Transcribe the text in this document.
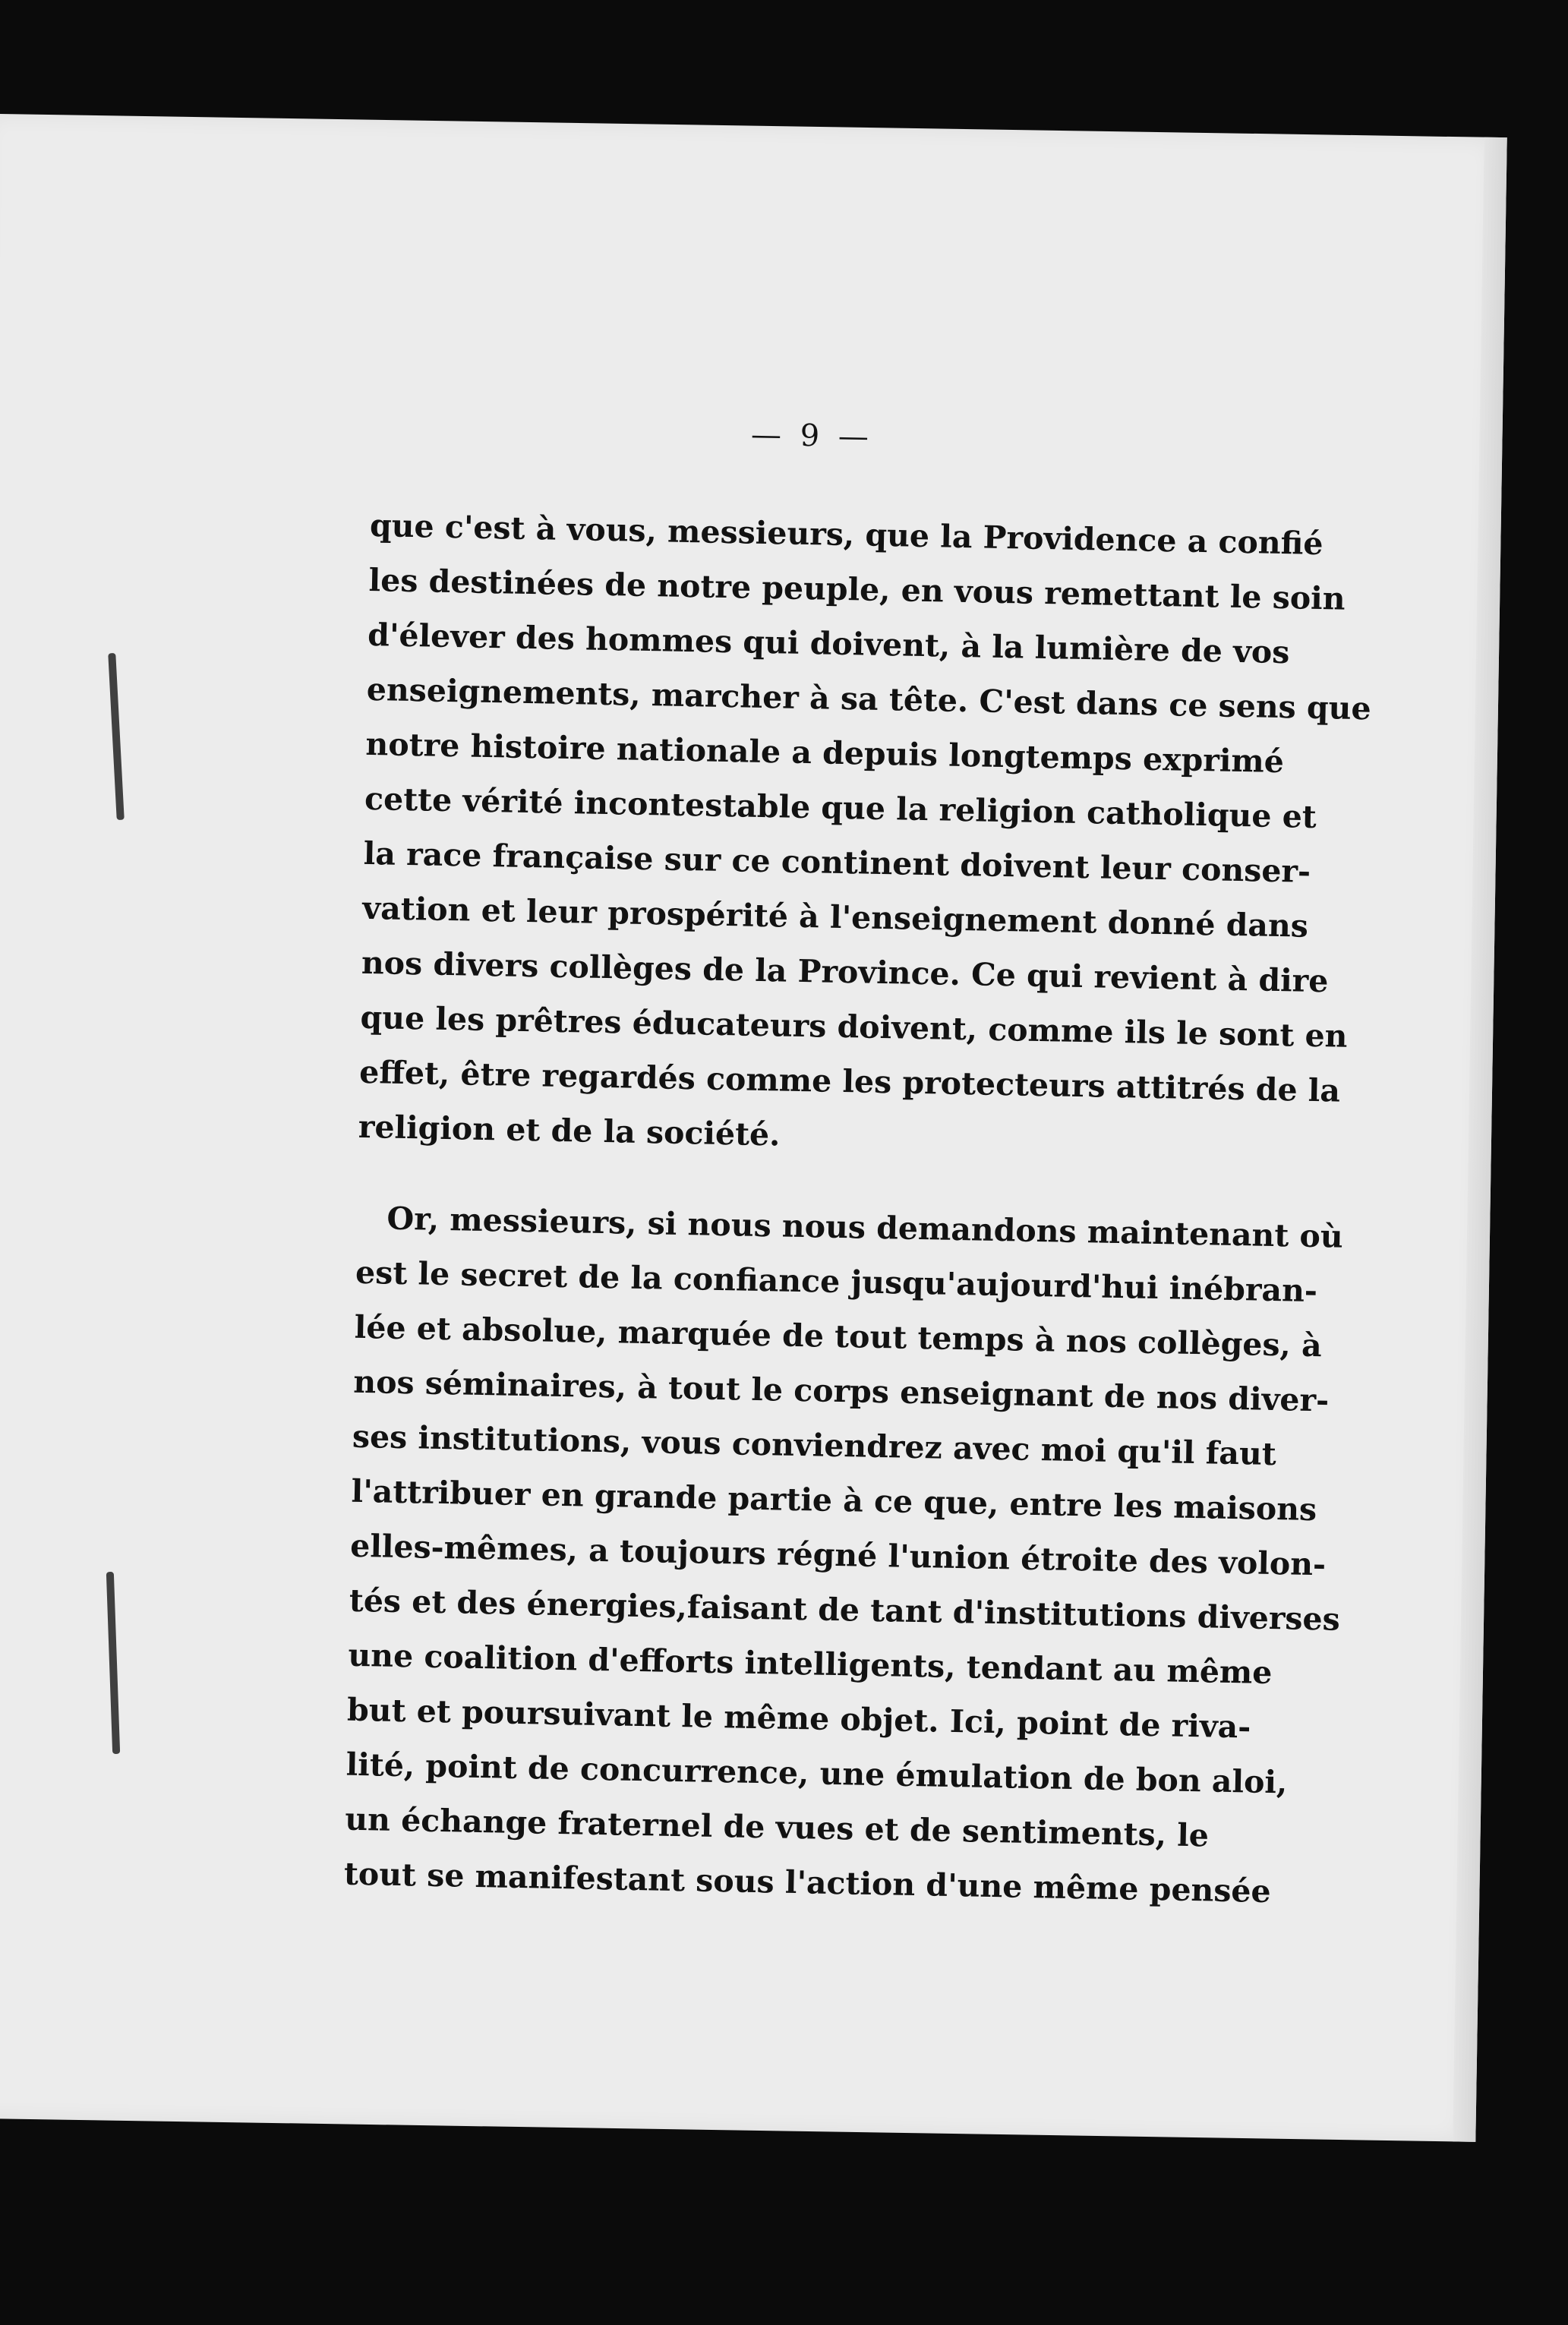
— 9 —

que c'est à vous, messieurs, que la Providence a confié
les destinées de notre peuple, en vous remettant le soin
d'élever des hommes qui doivent, à la lumière de vos
enseignements, marcher à sa tête. C'est dans ce sens que
notre histoire nationale a depuis longtemps exprimé
cette vérité incontestable que la religion catholique et
la race française sur ce continent doivent leur conser-
vation et leur prospérité à l'enseignement donné dans
nos divers collèges de la Province. Ce qui revient à dire
que les prêtres éducateurs doivent, comme ils le sont en
effet, être regardés comme les protecteurs attitrés de la
religion et de la société.

Or, messieurs, si nous nous demandons maintenant où
est le secret de la confiance jusqu'aujourd'hui inébran-
lée et absolue, marquée de tout temps à nos collèges, à
nos séminaires, à tout le corps enseignant de nos diver-
ses institutions, vous conviendrez avec moi qu'il faut
l'attribuer en grande partie à ce que, entre les maisons
elles-mêmes, a toujours régné l'union étroite des volon-
tés et des énergies,faisant de tant d'institutions diverses
une coalition d'efforts intelligents, tendant au même
but et poursuivant le même objet. Ici, point de riva-
lité, point de concurrence, une émulation de bon aloi,
un échange fraternel de vues et de sentiments, le
tout se manifestant sous l'action d'une même pensée
